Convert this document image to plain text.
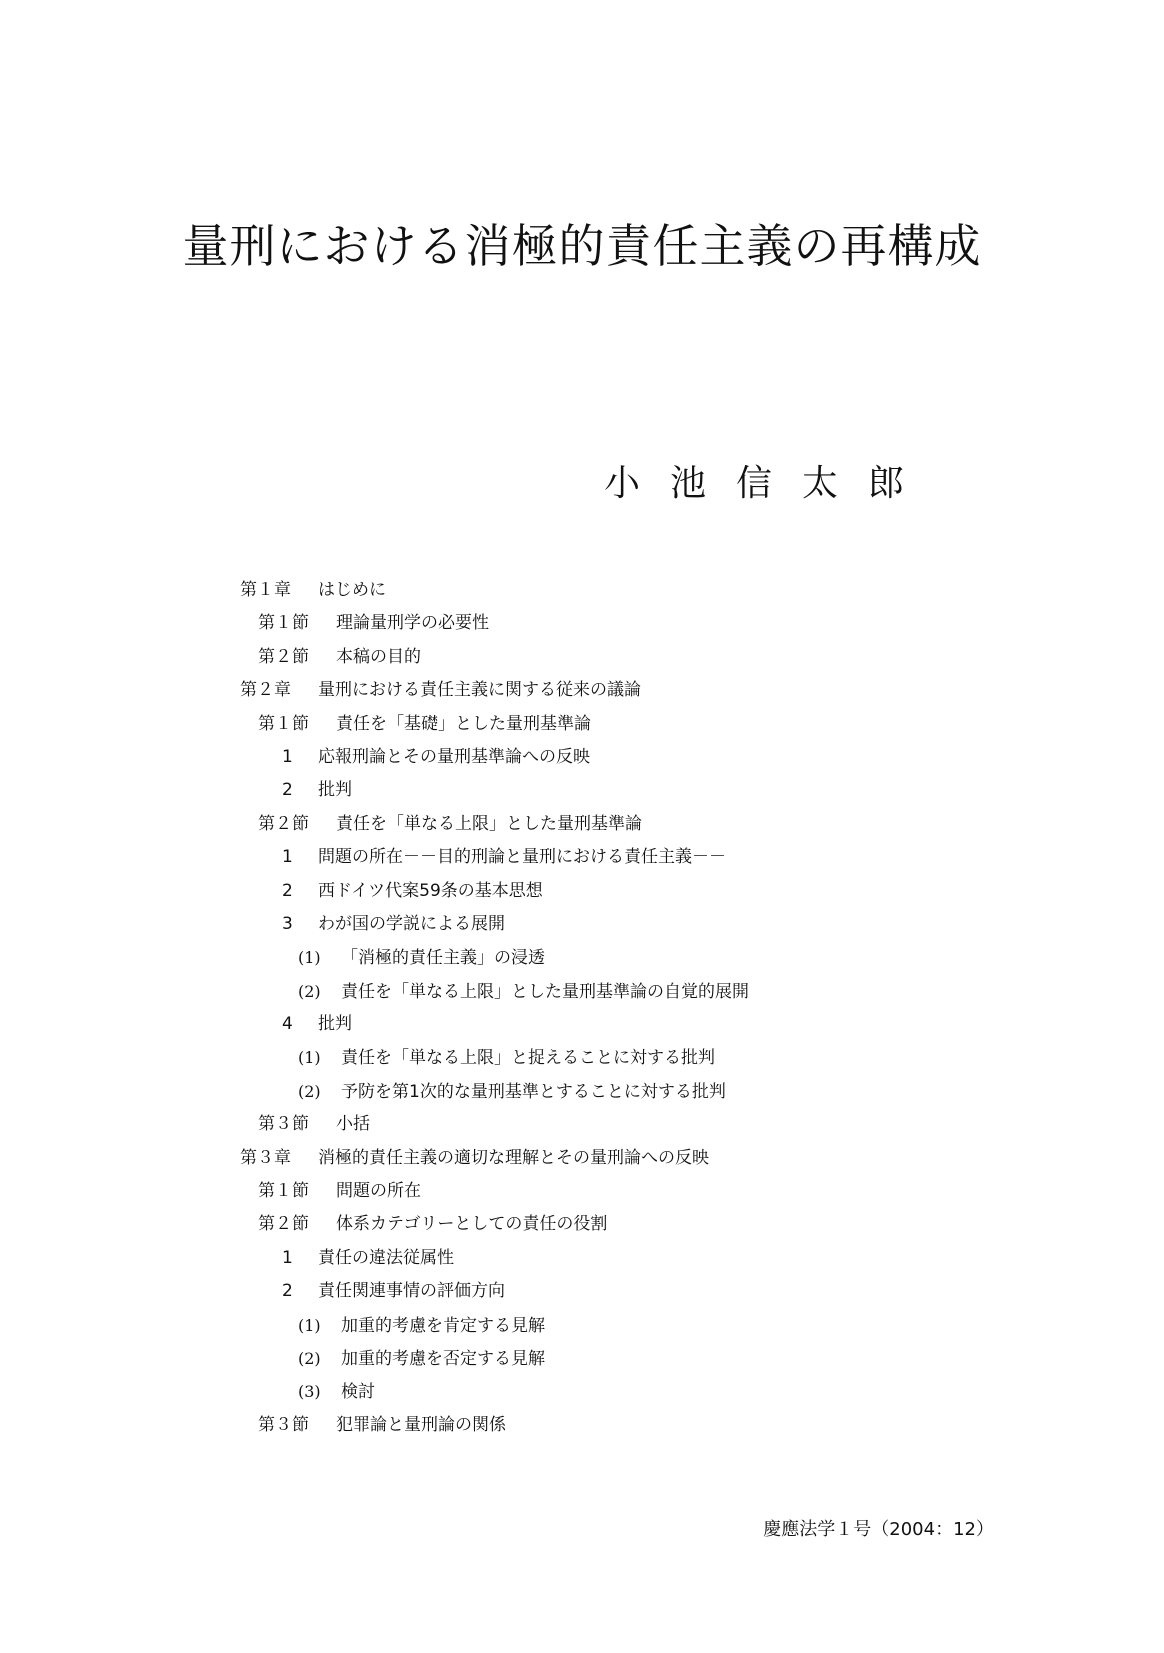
量刑における消極的責任主義の再構成
小池信太郎
第１章 はじめに
第１節 理論量刑学の必要性
第２節 本稿の目的
第２章 量刑における責任主義に関する従来の議論
第１節 責任を「基礎」とした量刑基準論
1 応報刑論とその量刑基準論への反映
2 批判
第２節 責任を「単なる上限」とした量刑基準論
1 問題の所在－－目的刑論と量刑における責任主義－－
2 西ドイツ代案59条の基本思想
3 わが国の学説による展開
(1) 「消極的責任主義」の浸透
(2) 責任を「単なる上限」とした量刑基準論の自覚的展開
4 批判
(1) 責任を「単なる上限」と捉えることに対する批判
(2) 予防を第1次的な量刑基準とすることに対する批判
第３節 小括
第３章 消極的責任主義の適切な理解とその量刑論への反映
第１節 問題の所在
第２節 体系カテゴリーとしての責任の役割
1 責任の違法従属性
2 責任関連事情の評価方向
(1) 加重的考慮を肯定する見解
(2) 加重的考慮を否定する見解
(3) 検討
第３節 犯罪論と量刑論の関係
慶應法学１号（2004：12）
